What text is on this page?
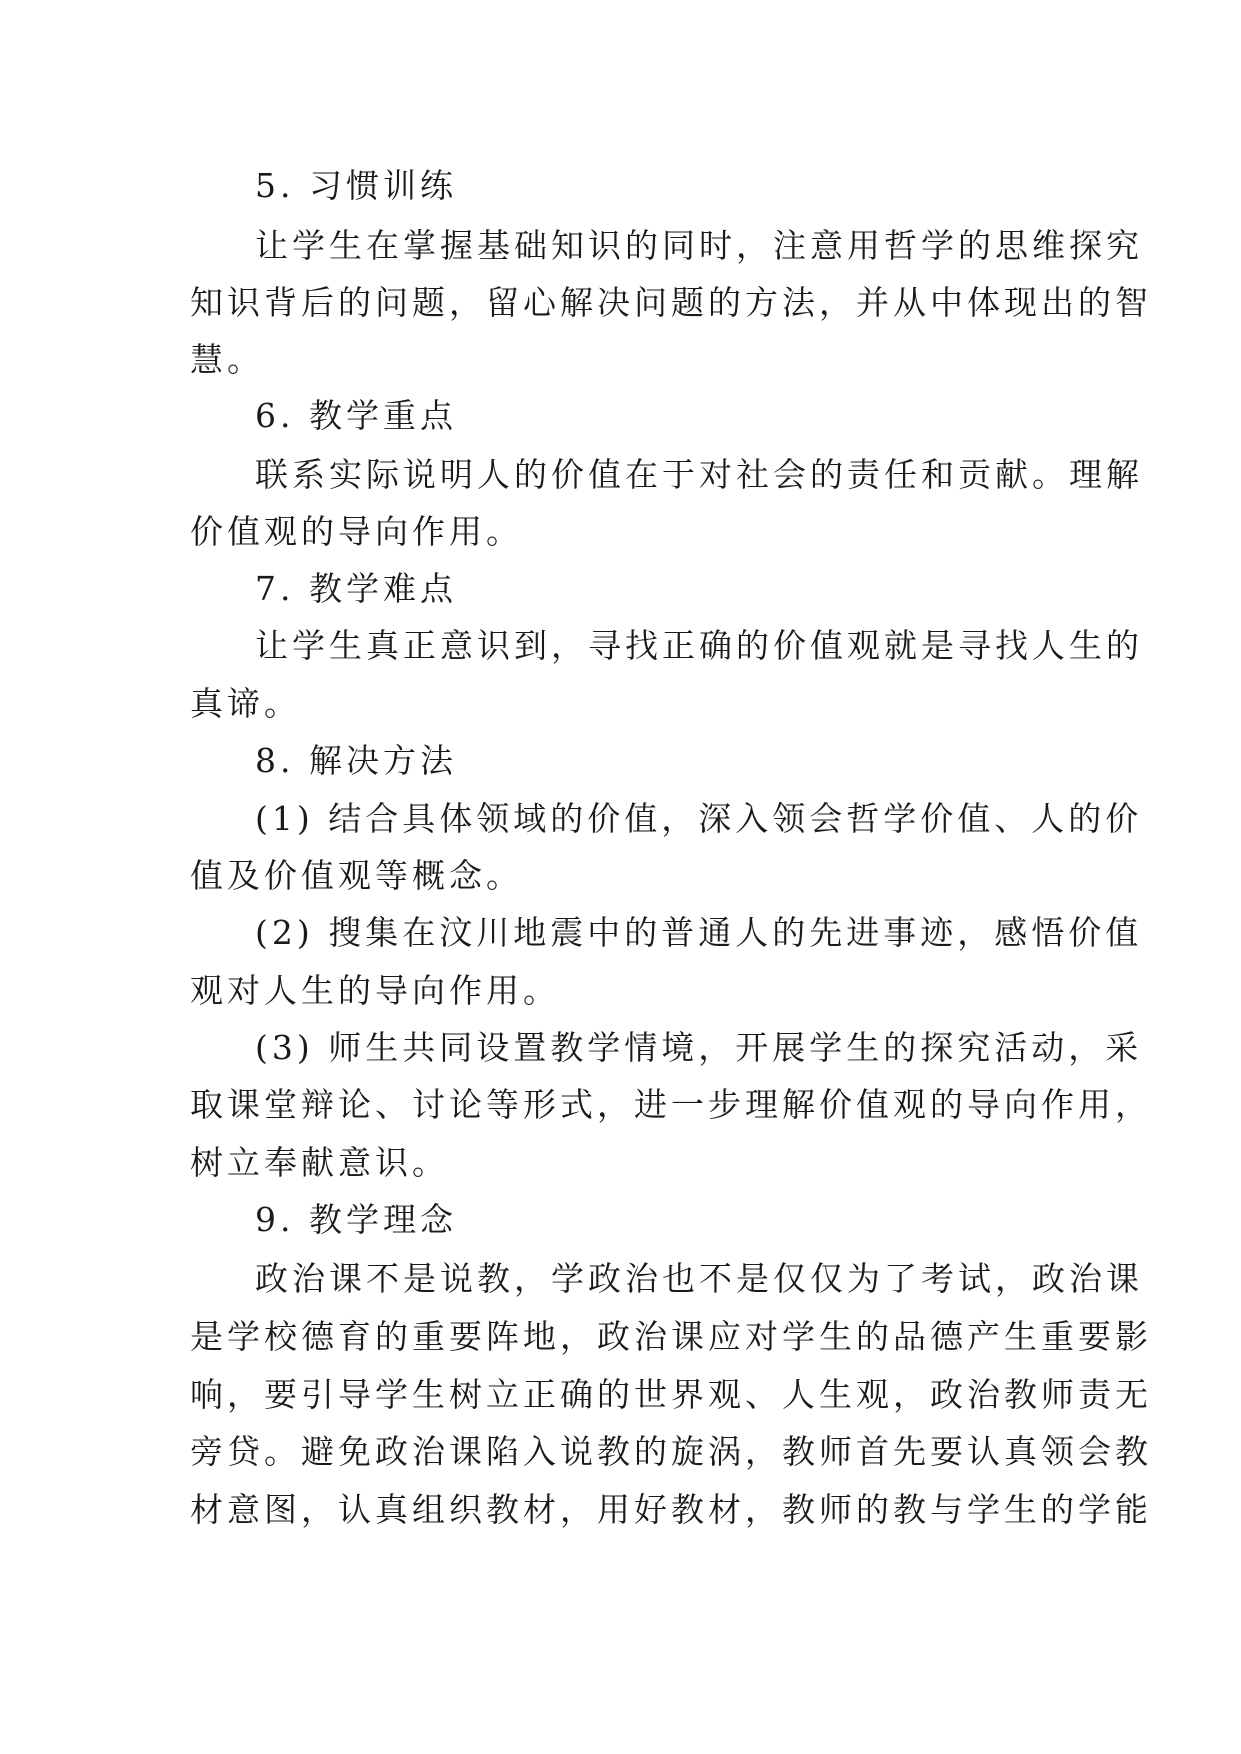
5. 习惯训练
让学生在掌握基础知识的同时，注意用哲学的思维探究
知识背后的问题，留心解决问题的方法，并从中体现出的智
慧。
6. 教学重点
联系实际说明人的价值在于对社会的责任和贡献。理解
价值观的导向作用。
7. 教学难点
让学生真正意识到，寻找正确的价值观就是寻找人生的
真谛。
8. 解决方法
(1) 结合具体领域的价值，深入领会哲学价值、人的价
值及价值观等概念。
(2) 搜集在汶川地震中的普通人的先进事迹，感悟价值
观对人生的导向作用。
(3) 师生共同设置教学情境，开展学生的探究活动，采
取课堂辩论、讨论等形式，进一步理解价值观的导向作用，
树立奉献意识。
9. 教学理念
政治课不是说教，学政治也不是仅仅为了考试，政治课
是学校德育的重要阵地，政治课应对学生的品德产生重要影
响，要引导学生树立正确的世界观、人生观，政治教师责无
旁贷。避免政治课陷入说教的旋涡，教师首先要认真领会教
材意图，认真组织教材，用好教材，教师的教与学生的学能
